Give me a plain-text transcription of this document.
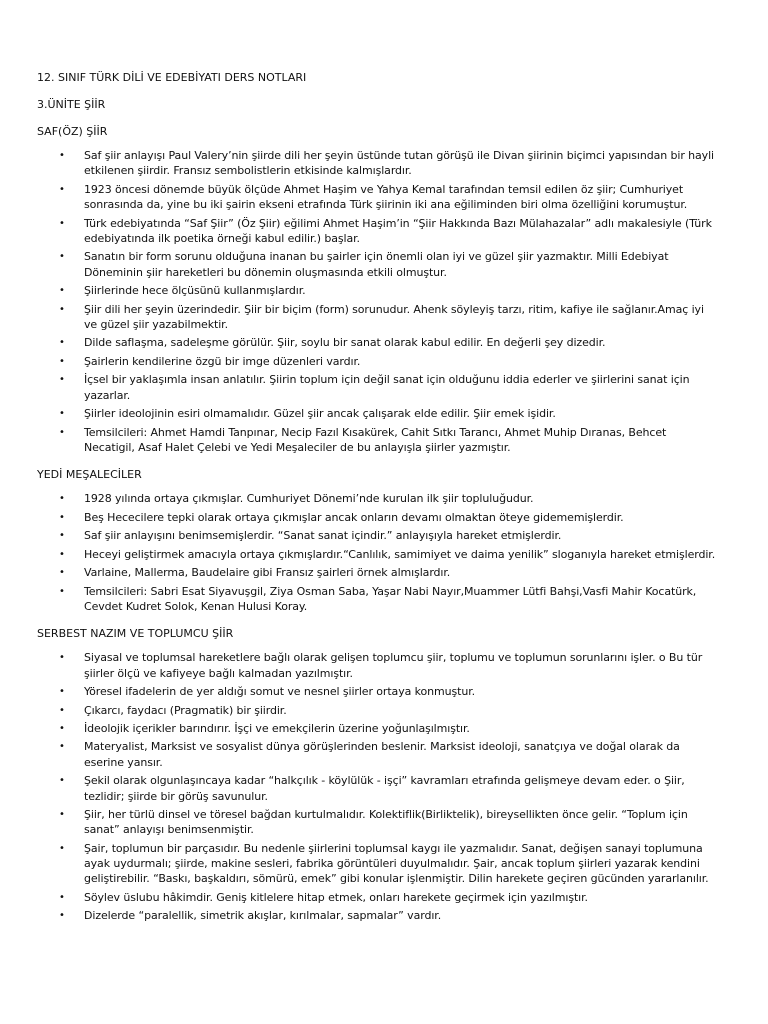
12. SINIF TÜRK DİLİ VE EDEBİYATI DERS NOTLARI
3.ÜNİTE ŞİİR
SAF(ÖZ) ŞİİR
• Saf şiir anlayışı Paul Valery’nin şiirde dili her şeyin üstünde tutan görüşü ile Divan şiirinin biçimci yapısından bir hayli etkilenen şiirdir. Fransız sembolistlerin etkisinde kalmışlardır.
• 1923 öncesi dönemde büyük ölçüde Ahmet Haşim ve Yahya Kemal tarafından temsil edilen öz şiir; Cumhuriyet sonrasında da, yine bu iki şairin ekseni etrafında Türk şiirinin iki ana eğiliminden biri olma özelliğini korumuştur.
• Türk edebiyatında “Saf Şiir” (Öz Şiir) eğilimi Ahmet Haşim’in “Şiir Hakkında Bazı Mülahazalar” adlı makalesiyle (Türk edebiyatında ilk poetika örneği kabul edilir.) başlar.
• Sanatın bir form sorunu olduğuna inanan bu şairler için önemli olan iyi ve güzel şiir yazmaktır. Milli Edebiyat Döneminin şiir hareketleri bu dönemin oluşmasında etkili olmuştur.
• Şiirlerinde hece ölçüsünü kullanmışlardır.
• Şiir dili her şeyin üzerindedir. Şiir bir biçim (form) sorunudur. Ahenk söyleyiş tarzı, ritim, kafiye ile sağlanır.Amaç iyi ve güzel şiir yazabilmektir.
• Dilde saflaşma, sadeleşme görülür. Şiir, soylu bir sanat olarak kabul edilir. En değerli şey dizedir.
• Şairlerin kendilerine özgü bir imge düzenleri vardır.
• İçsel bir yaklaşımla insan anlatılır. Şiirin toplum için değil sanat için olduğunu iddia ederler ve şiirlerini sanat için yazarlar.
• Şiirler ideolojinin esiri olmamalıdır. Güzel şiir ancak çalışarak elde edilir. Şiir emek işidir.
• Temsilcileri: Ahmet Hamdi Tanpınar, Necip Fazıl Kısakürek, Cahit Sıtkı Tarancı, Ahmet Muhip Dıranas, Behcet Necatigil, Asaf Halet Çelebi ve Yedi Meşaleciler de bu anlayışla şiirler yazmıştır.
YEDİ MEŞALECİLER
• 1928 yılında ortaya çıkmışlar. Cumhuriyet Dönemi’nde kurulan ilk şiir topluluğudur.
• Beş Hececilere tepki olarak ortaya çıkmışlar ancak onların devamı olmaktan öteye gidememişlerdir.
• Saf şiir anlayışını benimsemişlerdir. “Sanat sanat içindir.” anlayışıyla hareket etmişlerdir.
• Heceyi geliştirmek amacıyla ortaya çıkmışlardır.“Canlılık, samimiyet ve daima yenilik” sloganıyla hareket etmişlerdir.
• Varlaine, Mallerma, Baudelaire gibi Fransız şairleri örnek almışlardır.
• Temsilcileri: Sabri Esat Siyavuşgil, Ziya Osman Saba, Yaşar Nabi Nayır,Muammer Lütfi Bahşi,Vasfi Mahir Kocatürk, Cevdet Kudret Solok, Kenan Hulusi Koray.
SERBEST NAZIM VE TOPLUMCU ŞİİR
• Siyasal ve toplumsal hareketlere bağlı olarak gelişen toplumcu şiir, toplumu ve toplumun sorunlarını işler. o Bu tür şiirler ölçü ve kafiyeye bağlı kalmadan yazılmıştır.
• Yöresel ifadelerin de yer aldığı somut ve nesnel şiirler ortaya konmuştur.
• Çıkarcı, faydacı (Pragmatik) bir şiirdir.
• İdeolojik içerikler barındırır. İşçi ve emekçilerin üzerine yoğunlaşılmıştır.
• Materyalist, Marksist ve sosyalist dünya görüşlerinden beslenir. Marksist ideoloji, sanatçıya ve doğal olarak da eserine yansır.
• Şekil olarak olgunlaşıncaya kadar “halkçılık - köylülük - işçi” kavramları etrafında gelişmeye devam eder. o Şiir, tezlidir; şiirde bir görüş savunulur.
• Şiir, her türlü dinsel ve töresel bağdan kurtulmalıdır. Kolektiflik(Birliktelik), bireysellikten önce gelir. “Toplum için sanat” anlayışı benimsenmiştir.
• Şair, toplumun bir parçasıdır. Bu nedenle şiirlerini toplumsal kaygı ile yazmalıdır. Sanat, değişen sanayi toplumuna ayak uydurmalı; şiirde, makine sesleri, fabrika görüntüleri duyulmalıdır. Şair, ancak toplum şiirleri yazarak kendini geliştirebilir. “Baskı, başkaldırı, sömürü, emek” gibi konular işlenmiştir. Dilin harekete geçiren gücünden yararlanılır.
• Söylev üslubu hâkimdir. Geniş kitlelere hitap etmek, onları harekete geçirmek için yazılmıştır.
• Dizelerde “paralellik, simetrik akışlar, kırılmalar, sapmalar” vardır.
